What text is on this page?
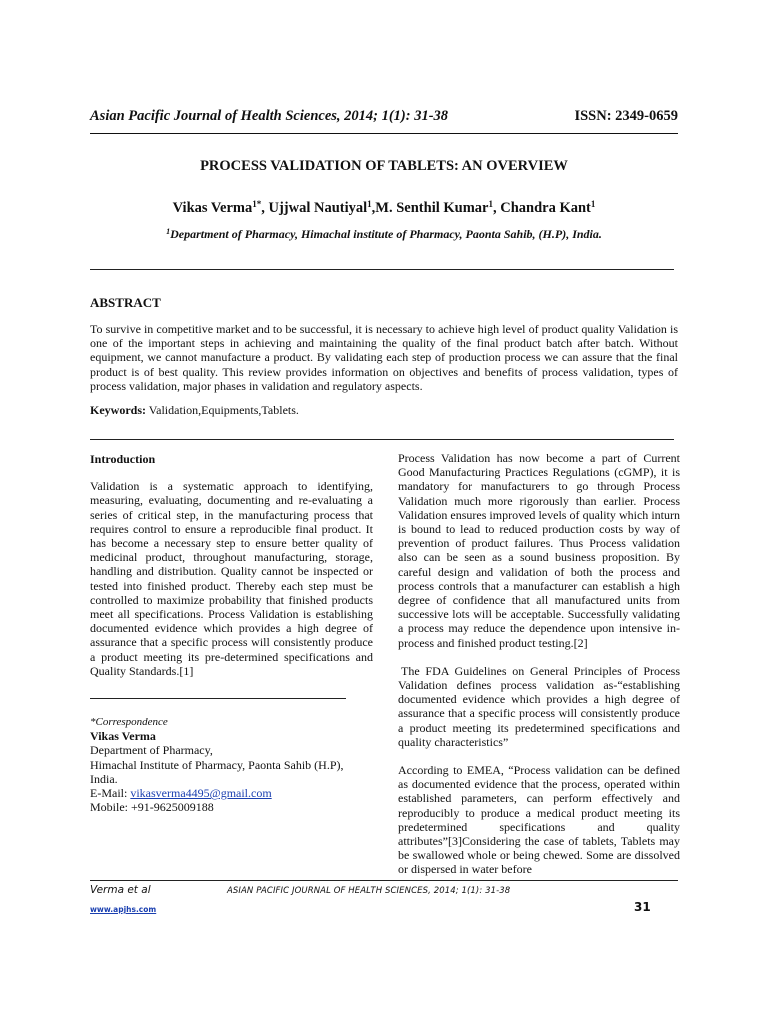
Asian Pacific Journal of Health Sciences, 2014; 1(1): 31-38	ISSN: 2349-0659
PROCESS VALIDATION OF TABLETS: AN OVERVIEW
Vikas Verma$^{1*}$, Ujjwal Nautiyal$^1$,M. Senthil Kumar$^1$, Chandra Kant$^1$
$^1$Department of Pharmacy, Himachal institute of Pharmacy, Paonta Sahib, (H.P), India.
ABSTRACT

To survive in competitive market and to be successful, it is necessary to achieve high level of product quality Validation is one of the important steps in achieving and maintaining the quality of the final product batch after batch. Without equipment, we cannot manufacture a product. By validating each step of production process we can assure that the final product is of best quality. This review provides information on objectives and benefits of process validation, types of process validation, major phases in validation and regulatory aspects.

Keywords: Validation,Equipments,Tablets.
Introduction

Validation is a systematic approach to identifying, measuring, evaluating, documenting and re-evaluating a series of critical step, in the manufacturing process that requires control to ensure a reproducible final product. It has become a necessary step to ensure better quality of medicinal product, throughout manufacturing, storage, handling and distribution. Quality cannot be inspected or tested into finished product. Thereby each step must be controlled to maximize probability that finished products meet all specifications. Process Validation is establishing documented evidence which provides a high degree of assurance that a specific process will consistently produce a product meeting its pre-determined specifications and Quality Standards.[1]

*Correspondence
Vikas Verma
Department of Pharmacy,
Himachal Institute of Pharmacy, Paonta Sahib (H.P),
India.
E-Mail: vikasverma4495@gmail.com
Mobile: +91-9625009188

Process Validation has now become a part of Current Good Manufacturing Practices Regulations (cGMP), it is mandatory for manufacturers to go through Process Validation much more rigorously than earlier. Process Validation ensures improved levels of quality which inturn is bound to lead to reduced production costs by way of prevention of product failures. Thus Process validation also can be seen as a sound business proposition. By careful design and validation of both the process and process controls that a manufacturer can establish a high degree of confidence that all manufactured units from successive lots will be acceptable. Successfully validating a process may reduce the dependence upon intensive in-process and finished product testing.[2]

The FDA Guidelines on General Principles of Process Validation defines process validation as-“establishing documented evidence which provides a high degree of assurance that a specific process will consistently produce a product meeting its predetermined specifications and quality characteristics”

According to EMEA, “Process validation can be defined as documented evidence that the process, operated within established parameters, can perform effectively and reproducibly to produce a medical product meeting its predetermined specifications and quality attributes”[3]Considering the case of tablets, Tablets may be swallowed whole or being chewed. Some are dissolved or dispersed in water before

Verma et al	ASIAN PACIFIC JOURNAL OF HEALTH SCIENCES, 2014; 1(1): 31-38
www.apjhs.com	31
